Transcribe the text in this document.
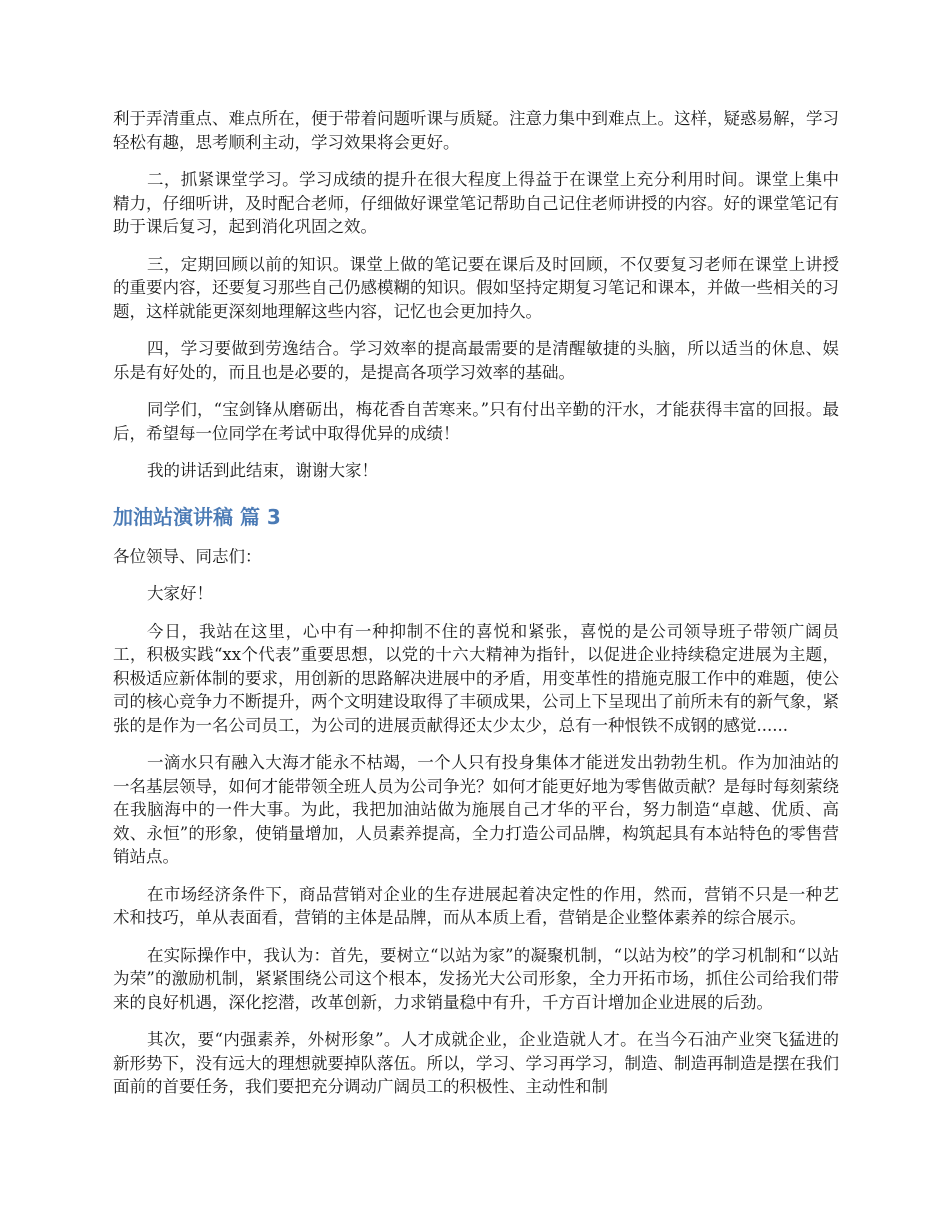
利于弄清重点、难点所在，便于带着问题听课与质疑。注意力集中到难点上。这样，疑惑易解，学习轻松有趣，思考顺利主动，学习效果将会更好。

二，抓紧课堂学习。学习成绩的提升在很大程度上得益于在课堂上充分利用时间。课堂上集中精力，仔细听讲，及时配合老师，仔细做好课堂笔记帮助自己记住老师讲授的内容。好的课堂笔记有助于课后复习，起到消化巩固之效。

三，定期回顾以前的知识。课堂上做的笔记要在课后及时回顾，不仅要复习老师在课堂上讲授的重要内容，还要复习那些自己仍感模糊的知识。假如坚持定期复习笔记和课本，并做一些相关的习题，这样就能更深刻地理解这些内容，记忆也会更加持久。

四，学习要做到劳逸结合。学习效率的提高最需要的是清醒敏捷的头脑，所以适当的休息、娱乐是有好处的，而且也是必要的，是提高各项学习效率的基础。

同学们，“宝剑锋从磨砺出，梅花香自苦寒来。”只有付出辛勤的汗水，才能获得丰富的回报。最后，希望每一位同学在考试中取得优异的成绩！

我的讲话到此结束，谢谢大家！

加油站演讲稿 篇 3

各位领导、同志们：

大家好！

今日，我站在这里，心中有一种抑制不住的喜悦和紧张，喜悦的是公司领导班子带领广阔员工，积极实践“xx个代表”重要思想，以党的十六大精神为指针，以促进企业持续稳定进展为主题，积极适应新体制的要求，用创新的思路解决进展中的矛盾，用变革性的措施克服工作中的难题，使公司的核心竞争力不断提升，两个文明建设取得了丰硕成果，公司上下呈现出了前所未有的新气象，紧张的是作为一名公司员工，为公司的进展贡献得还太少太少，总有一种恨铁不成钢的感觉......

一滴水只有融入大海才能永不枯竭，一个人只有投身集体才能迸发出勃勃生机。作为加油站的一名基层领导，如何才能带领全班人员为公司争光？如何才能更好地为零售做贡献？是每时每刻萦绕在我脑海中的一件大事。为此，我把加油站做为施展自己才华的平台，努力制造“卓越、优质、高效、永恒”的形象，使销量增加，人员素养提高，全力打造公司品牌，构筑起具有本站特色的零售营销站点。

在市场经济条件下，商品营销对企业的生存进展起着决定性的作用，然而，营销不只是一种艺术和技巧，单从表面看，营销的主体是品牌，而从本质上看，营销是企业整体素养的综合展示。

在实际操作中，我认为：首先，要树立“以站为家”的凝聚机制，“以站为校”的学习机制和“以站为荣”的激励机制，紧紧围绕公司这个根本，发扬光大公司形象，全力开拓市场，抓住公司给我们带来的良好机遇，深化挖潜，改革创新，力求销量稳中有升，千方百计增加企业进展的后劲。

其次，要“内强素养，外树形象”。人才成就企业，企业造就人才。在当今石油产业突飞猛进的新形势下，没有远大的理想就要掉队落伍。所以，学习、学习再学习，制造、制造再制造是摆在我们面前的首要任务，我们要把充分调动广阔员工的积极性、主动性和制
